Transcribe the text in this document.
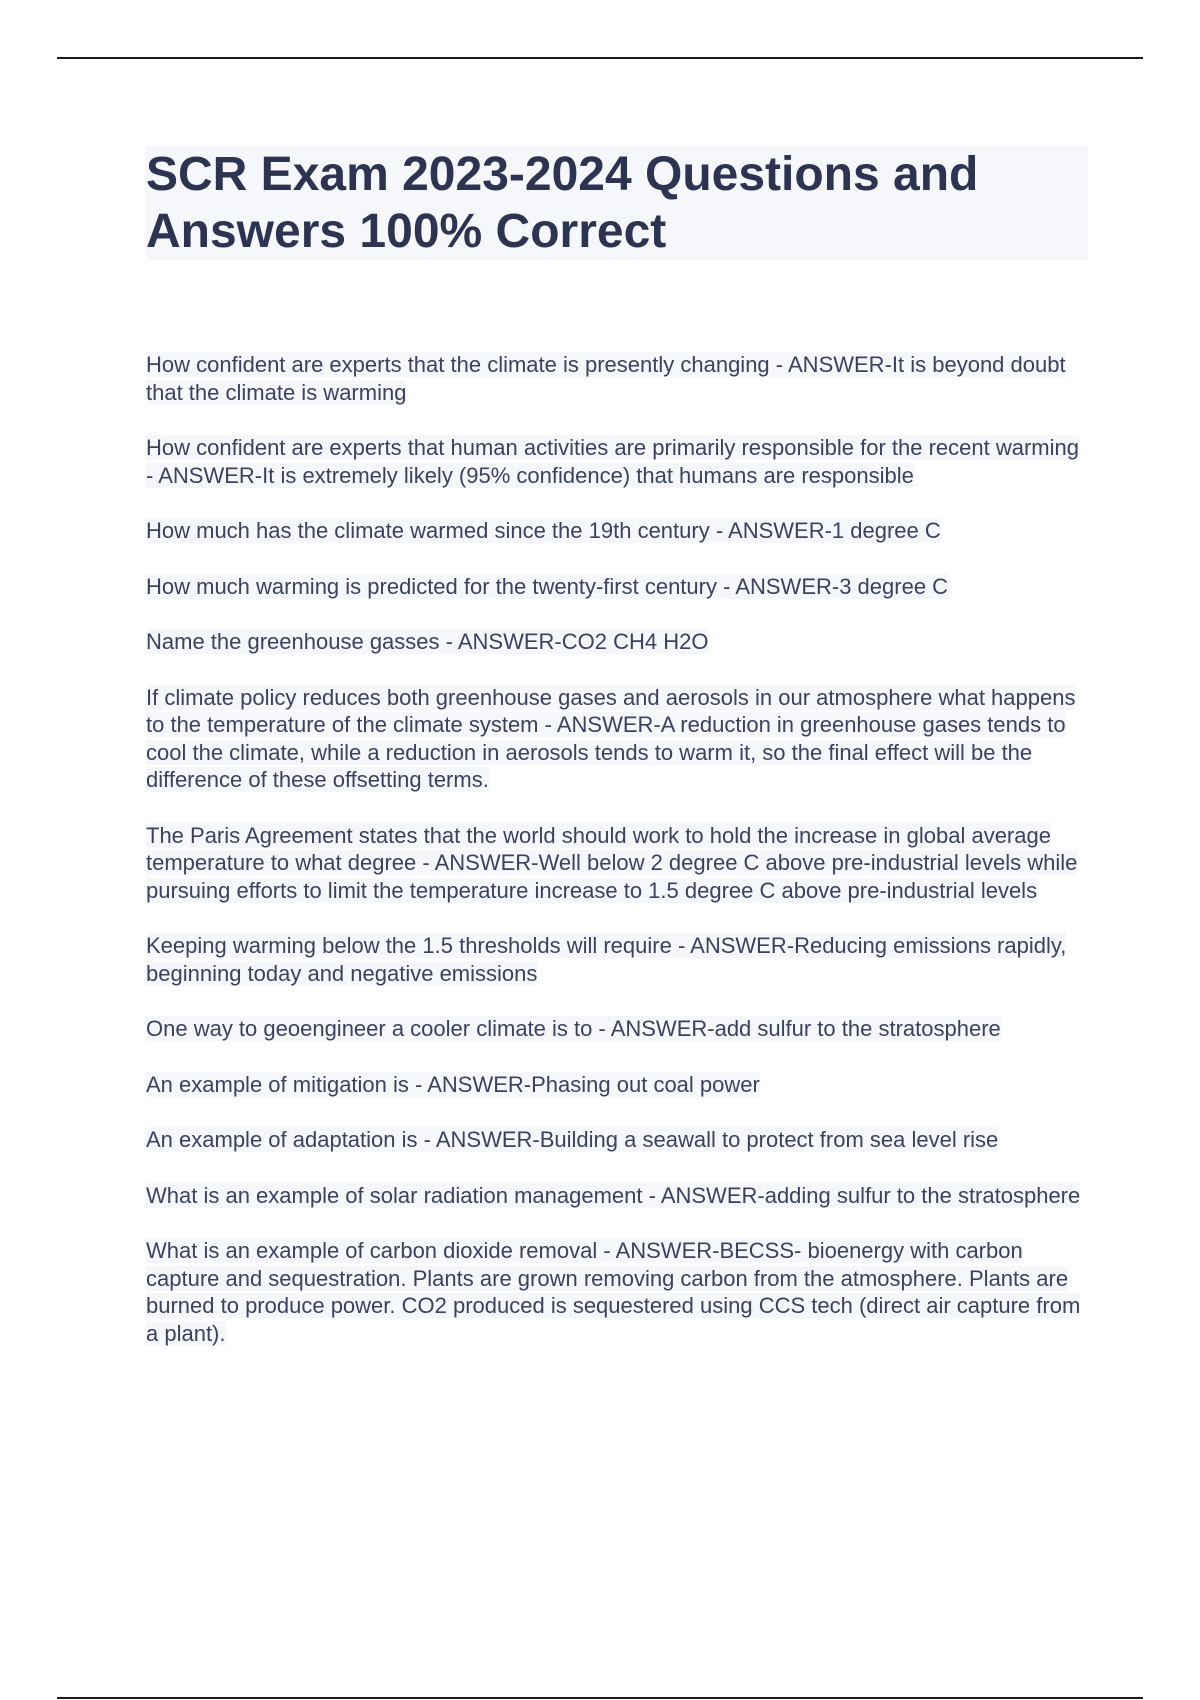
SCR Exam 2023-2024 Questions and Answers 100% Correct

How confident are experts that the climate is presently changing - ANSWER-It is beyond doubt that the climate is warming

How confident are experts that human activities are primarily responsible for the recent warming - ANSWER-It is extremely likely (95% confidence) that humans are responsible

How much has the climate warmed since the 19th century - ANSWER-1 degree C

How much warming is predicted for the twenty-first century - ANSWER-3 degree C

Name the greenhouse gasses - ANSWER-CO2 CH4 H2O

If climate policy reduces both greenhouse gases and aerosols in our atmosphere what happens to the temperature of the climate system - ANSWER-A reduction in greenhouse gases tends to cool the climate, while a reduction in aerosols tends to warm it, so the final effect will be the difference of these offsetting terms.

The Paris Agreement states that the world should work to hold the increase in global average temperature to what degree - ANSWER-Well below 2 degree C above pre-industrial levels while pursuing efforts to limit the temperature increase to 1.5 degree C above pre-industrial levels

Keeping warming below the 1.5 thresholds will require - ANSWER-Reducing emissions rapidly, beginning today and negative emissions

One way to geoengineer a cooler climate is to - ANSWER-add sulfur to the stratosphere

An example of mitigation is - ANSWER-Phasing out coal power

An example of adaptation is - ANSWER-Building a seawall to protect from sea level rise

What is an example of solar radiation management - ANSWER-adding sulfur to the stratosphere

What is an example of carbon dioxide removal - ANSWER-BECSS- bioenergy with carbon capture and sequestration. Plants are grown removing carbon from the atmosphere. Plants are burned to produce power. CO2 produced is sequestered using CCS tech (direct air capture from a plant).
